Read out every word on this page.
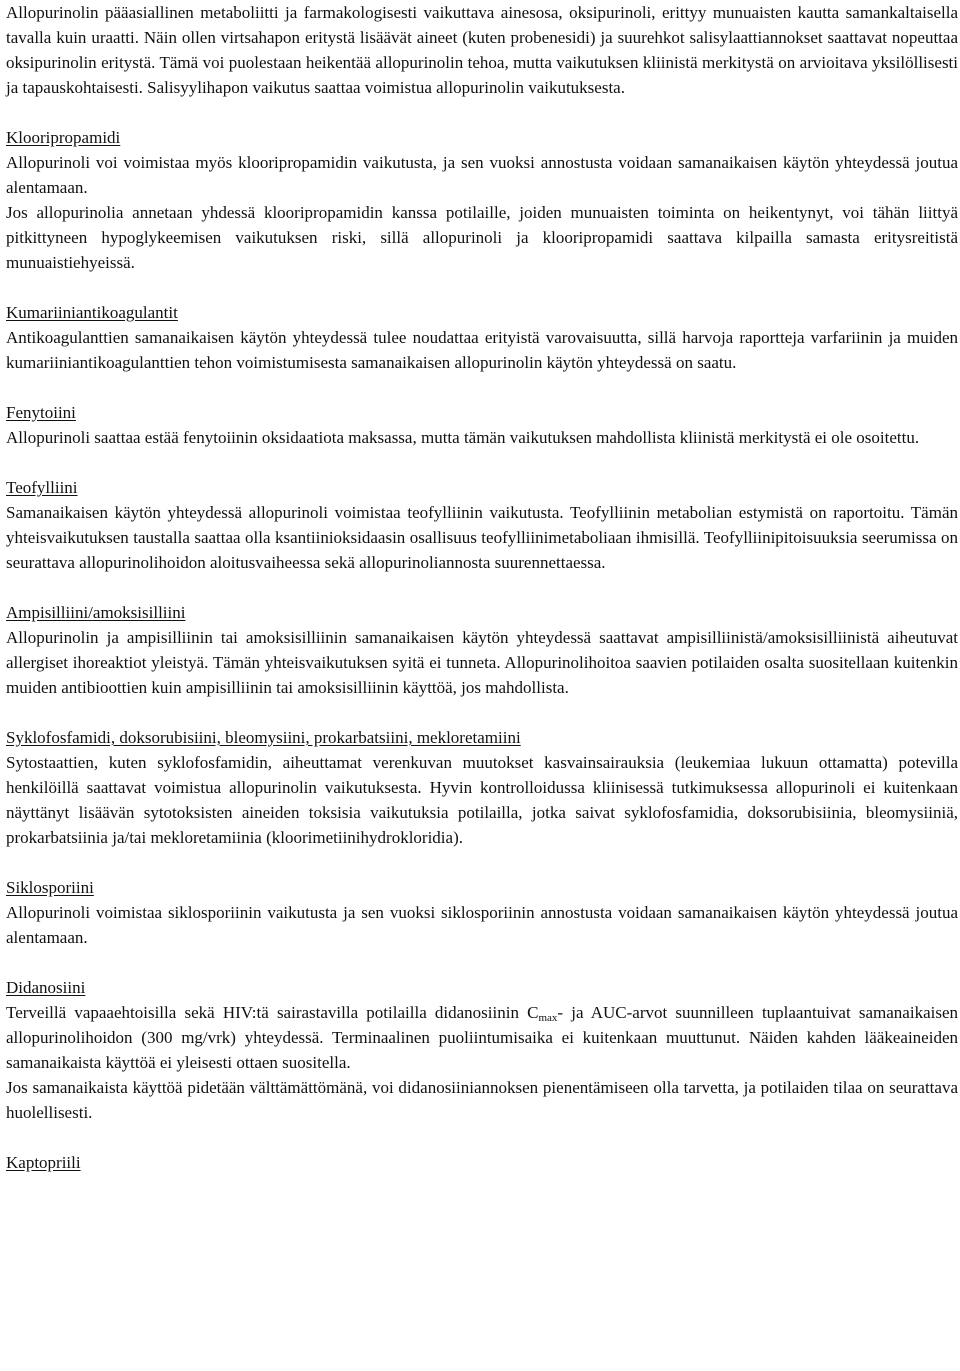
Allopurinolin pääasiallinen metaboliitti ja farmakologisesti vaikuttava ainesosa, oksipurinoli, erittyy munuaisten kautta samankaltaisella tavalla kuin uraatti. Näin ollen virtsahapon eritystä lisäävät aineet (kuten probenesidi) ja suurehkot salisylaattiannokset saattavat nopeuttaa oksipurinolin eritystä. Tämä voi puolestaan heikentää allopurinolin tehoa, mutta vaikutuksen kliinistä merkitystä on arvioitava yksilöllisesti ja tapauskohtaisesti. Salisyylihapon vaikutus saattaa voimistua allopurinolin vaikutuksesta.

Klooripropamidi

Allopurinoli voi voimistaa myös klooripropamidin vaikutusta, ja sen vuoksi annostusta voidaan samanaikaisen käytön yhteydessä joutua alentamaan.

Jos allopurinolia annetaan yhdessä klooripropamidin kanssa potilaille, joiden munuaisten toiminta on heikentynyt, voi tähän liittyä pitkittyneen hypoglykeemisen vaikutuksen riski, sillä allopurinoli ja klooripropamidi saattava kilpailla samasta eritysreitistä munuaistiehyeissä.

Kumariiniantikoagulantit

Antikoagulanttien samanaikaisen käytön yhteydessä tulee noudattaa erityistä varovaisuutta, sillä harvoja raportteja varfariinin ja muiden kumariiniantikoagulanttien tehon voimistumisesta samanaikaisen allopurinolin käytön yhteydessä on saatu.

Fenytoiini

Allopurinoli saattaa estää fenytoiinin oksidaatiota maksassa, mutta tämän vaikutuksen mahdollista kliinistä merkitystä ei ole osoitettu.

Teofylliini

Samanaikaisen käytön yhteydessä allopurinoli voimistaa teofylliinin vaikutusta. Teofylliinin metabolian estymistä on raportoitu. Tämän yhteisvaikutuksen taustalla saattaa olla ksantiinioksidaasin osallisuus teofylliinimetaboliaan ihmisillä. Teofylliinipitoisuuksia seerumissa on seurattava allopurinolihoidon aloitusvaiheessa sekä allopurinoliannosta suurennettaessa.

Ampisilliini/amoksisilliini

Allopurinolin ja ampisilliinin tai amoksisilliinin samanaikaisen käytön yhteydessä saattavat ampisilliinistä/amoksisilliinistä aiheutuvat allergiset ihoreaktiot yleistyä. Tämän yhteisvaikutuksen syitä ei tunneta. Allopurinolihoitoa saavien potilaiden osalta suositellaan kuitenkin muiden antibioottien kuin ampisilliinin tai amoksisilliinin käyttöä, jos mahdollista.

Syklofosfamidi, doksorubisiini, bleomysiini, prokarbatsiini, mekloretamiini

Sytostaattien, kuten syklofosfamidin, aiheuttamat verenkuvan muutokset kasvainsairauksia (leukemiaa lukuun ottamatta) potevilla henkilöillä saattavat voimistua allopurinolin vaikutuksesta. Hyvin kontrolloidussa kliinisessä tutkimuksessa allopurinoli ei kuitenkaan näyttänyt lisäävän sytotoksisten aineiden toksisia vaikutuksia potilailla, jotka saivat syklofosfamidia, doksorubisiinia, bleomysiiniä, prokarbatsiinia ja/tai mekloretamiinia (kloorimetiinihydrokloridia).

Siklosporiini

Allopurinoli voimistaa siklosporiinin vaikutusta ja sen vuoksi siklosporiinin annostusta voidaan samanaikaisen käytön yhteydessä joutua alentamaan.

Didanosiini

Terveillä vapaaehtoisilla sekä HIV:tä sairastavilla potilailla didanosiinin $C_{max}-$ ja AUC-arvot suunnilleen tuplaantuivat samanaikaisen allopurinolihoidon (300 mg/vrk) yhteydessä. Terminaalinen puoliintumisaika ei kuitenkaan muuttunut. Näiden kahden lääkeaineiden samanaikaista käyttöä ei yleisesti ottaen suositella.

Jos samanaikaista käyttöä pidetään välttämättömänä, voi didanosiiniannoksen pienentämiseen olla tarvetta, ja potilaiden tilaa on seurattava huolellisesti.

Kaptopriili
